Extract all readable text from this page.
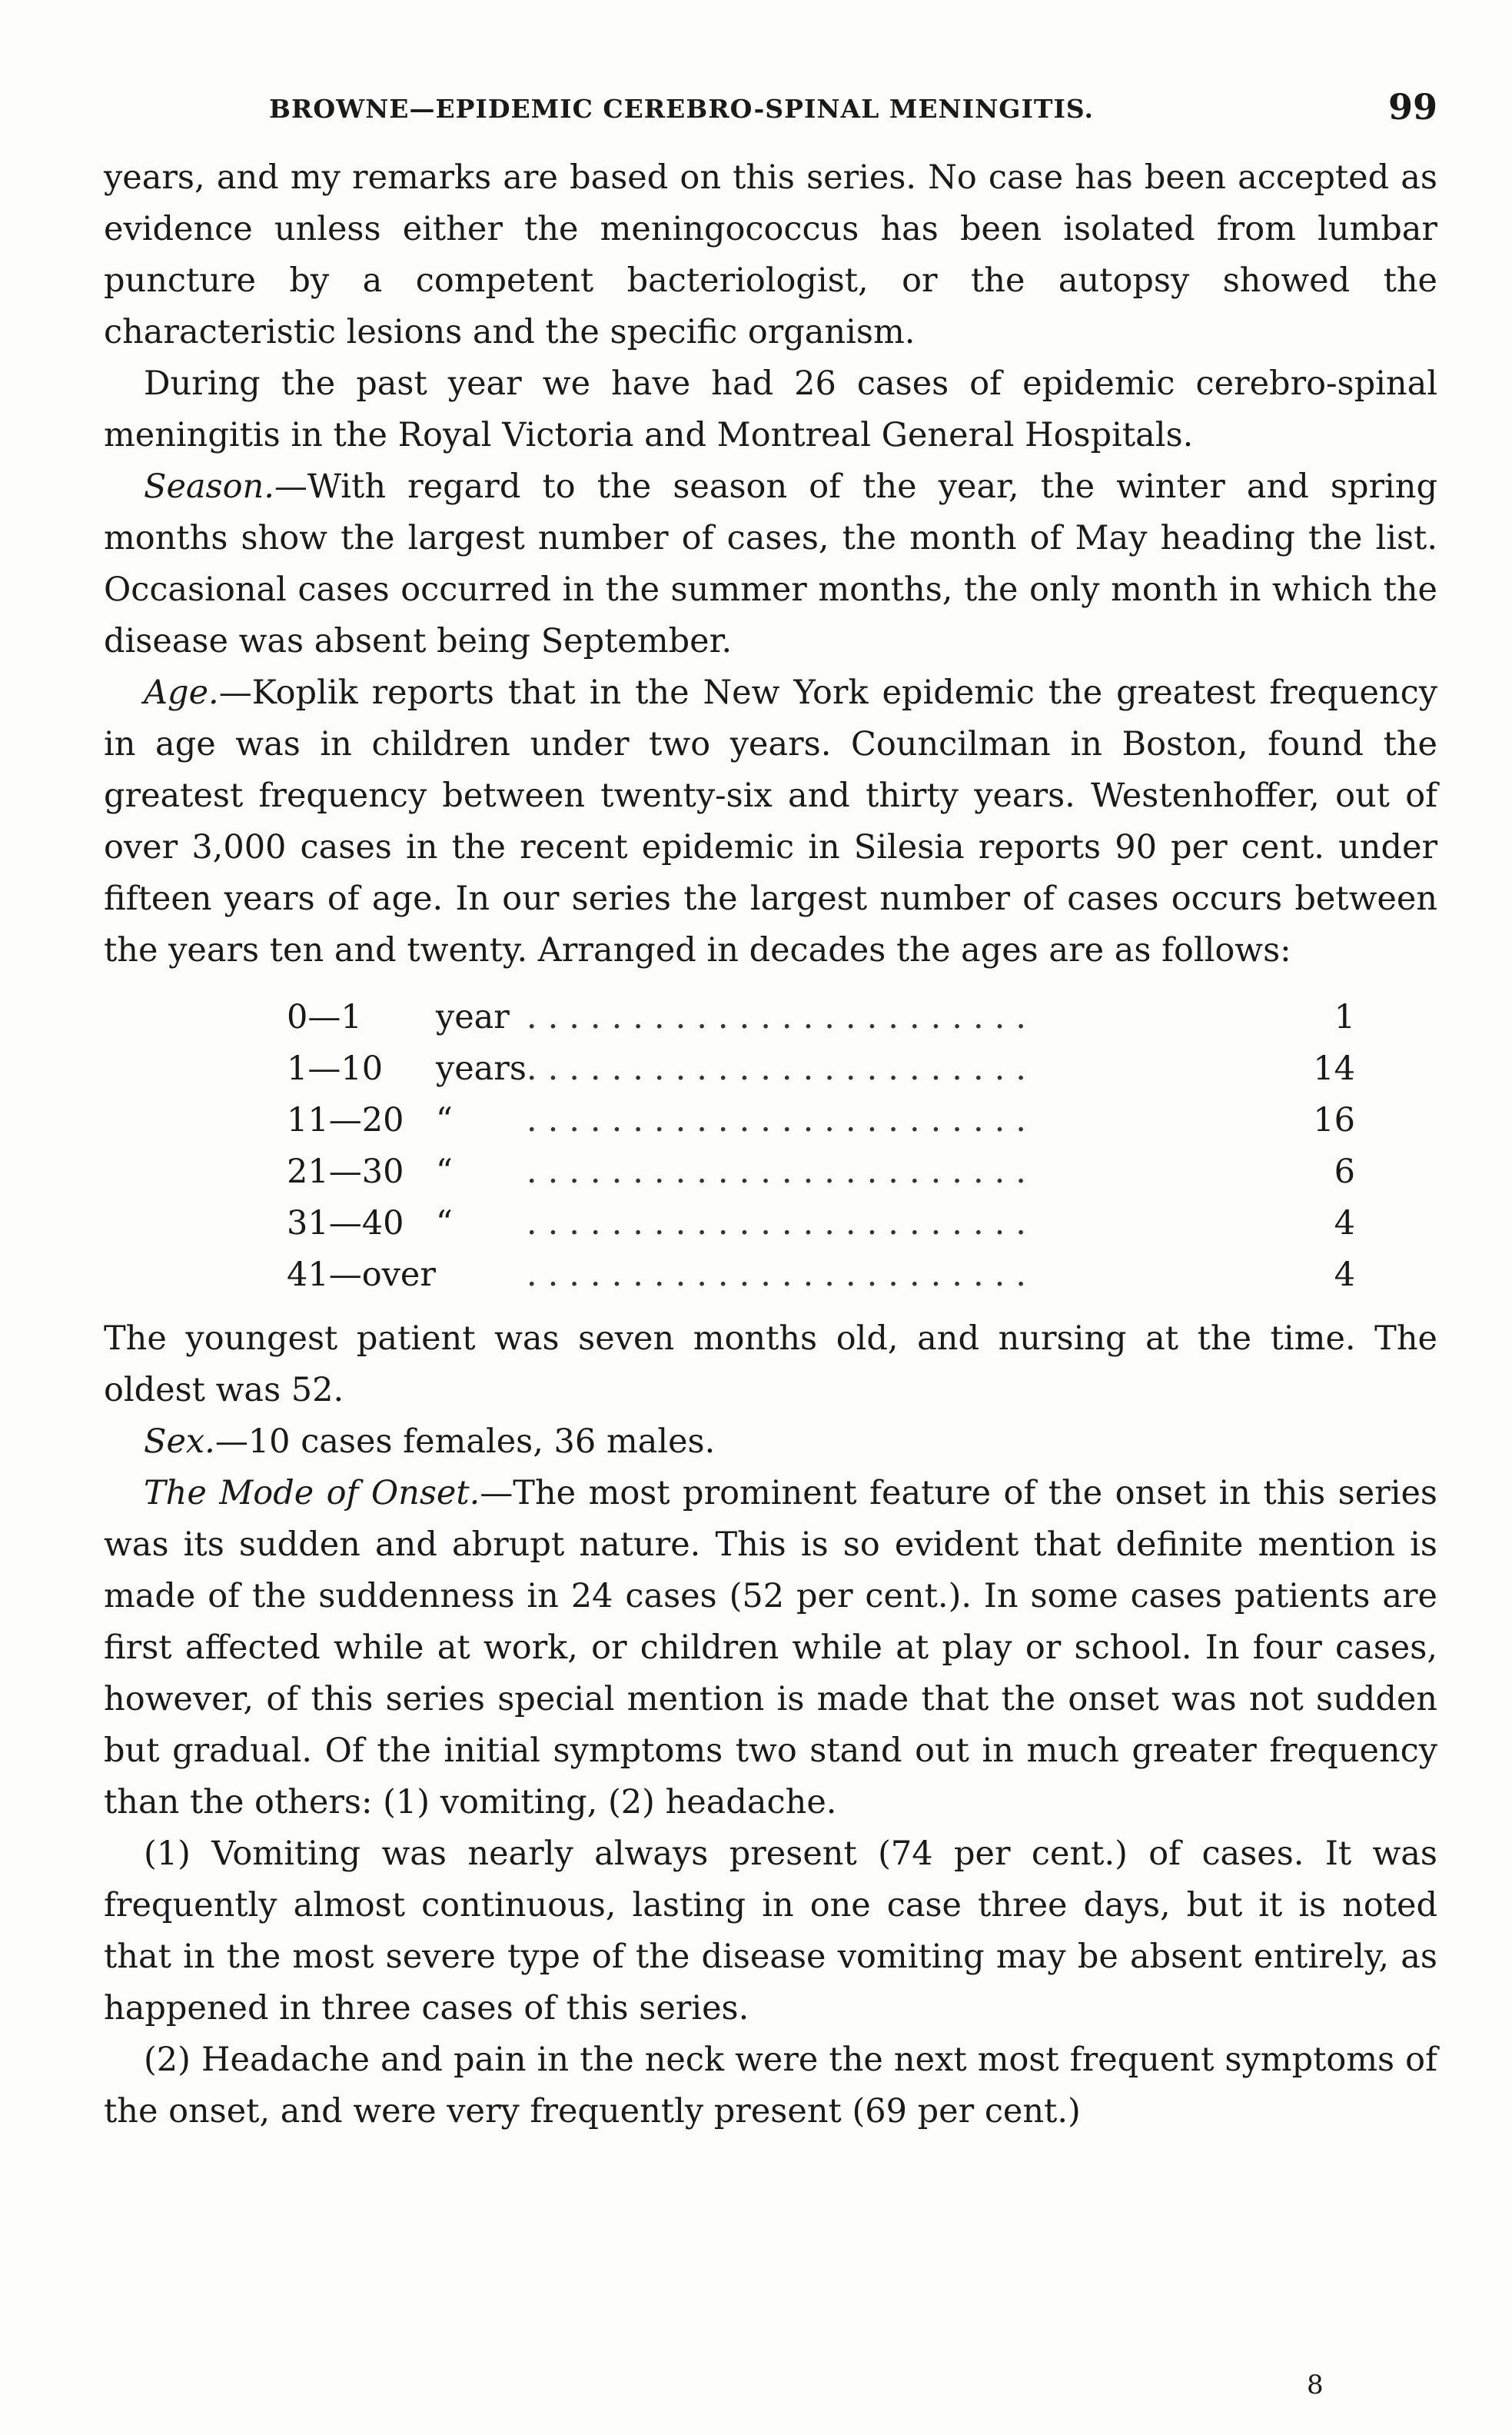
BROWNE—EPIDEMIC CEREBRO-SPINAL MENINGITIS.	99

years, and my remarks are based on this series. No case has been accepted as evidence unless either the meningococcus has been isolated from lumbar puncture by a competent bacteriologist, or the autopsy showed the characteristic lesions and the specific organism.

During the past year we have had 26 cases of epidemic cerebro-spinal meningitis in the Royal Victoria and Montreal General Hospitals.

Season.—With regard to the season of the year, the winter and spring months show the largest number of cases, the month of May heading the list. Occasional cases occurred in the summer months, the only month in which the disease was absent being September.

Age.—Koplik reports that in the New York epidemic the greatest frequency in age was in children under two years. Councilman in Boston, found the greatest frequency between twenty-six and thirty years. Westenhoffer, out of over 3,000 cases in the recent epidemic in Silesia reports 90 per cent. under fifteen years of age. In our series the largest number of cases occurs between the years ten and twenty. Arranged in decades the ages are as follows:

0—1	year	........................	1
1—10	years	........................	14
11—20	“	........................	16
21—30	“	........................	6
31—40	“	........................	4
41—over		........................	4

The youngest patient was seven months old, and nursing at the time. The oldest was 52.

Sex.—10 cases females, 36 males.

The Mode of Onset.—The most prominent feature of the onset in this series was its sudden and abrupt nature. This is so evident that definite mention is made of the suddenness in 24 cases (52 per cent.). In some cases patients are first affected while at work, or children while at play or school. In four cases, however, of this series special mention is made that the onset was not sudden but gradual. Of the initial symptoms two stand out in much greater frequency than the others: (1) vomiting, (2) headache.

(1) Vomiting was nearly always present (74 per cent.) of cases. It was frequently almost continuous, lasting in one case three days, but it is noted that in the most severe type of the disease vomiting may be absent entirely, as happened in three cases of this series.

(2) Headache and pain in the neck were the next most frequent symptoms of the onset, and were very frequently present (69 per cent.)

8
